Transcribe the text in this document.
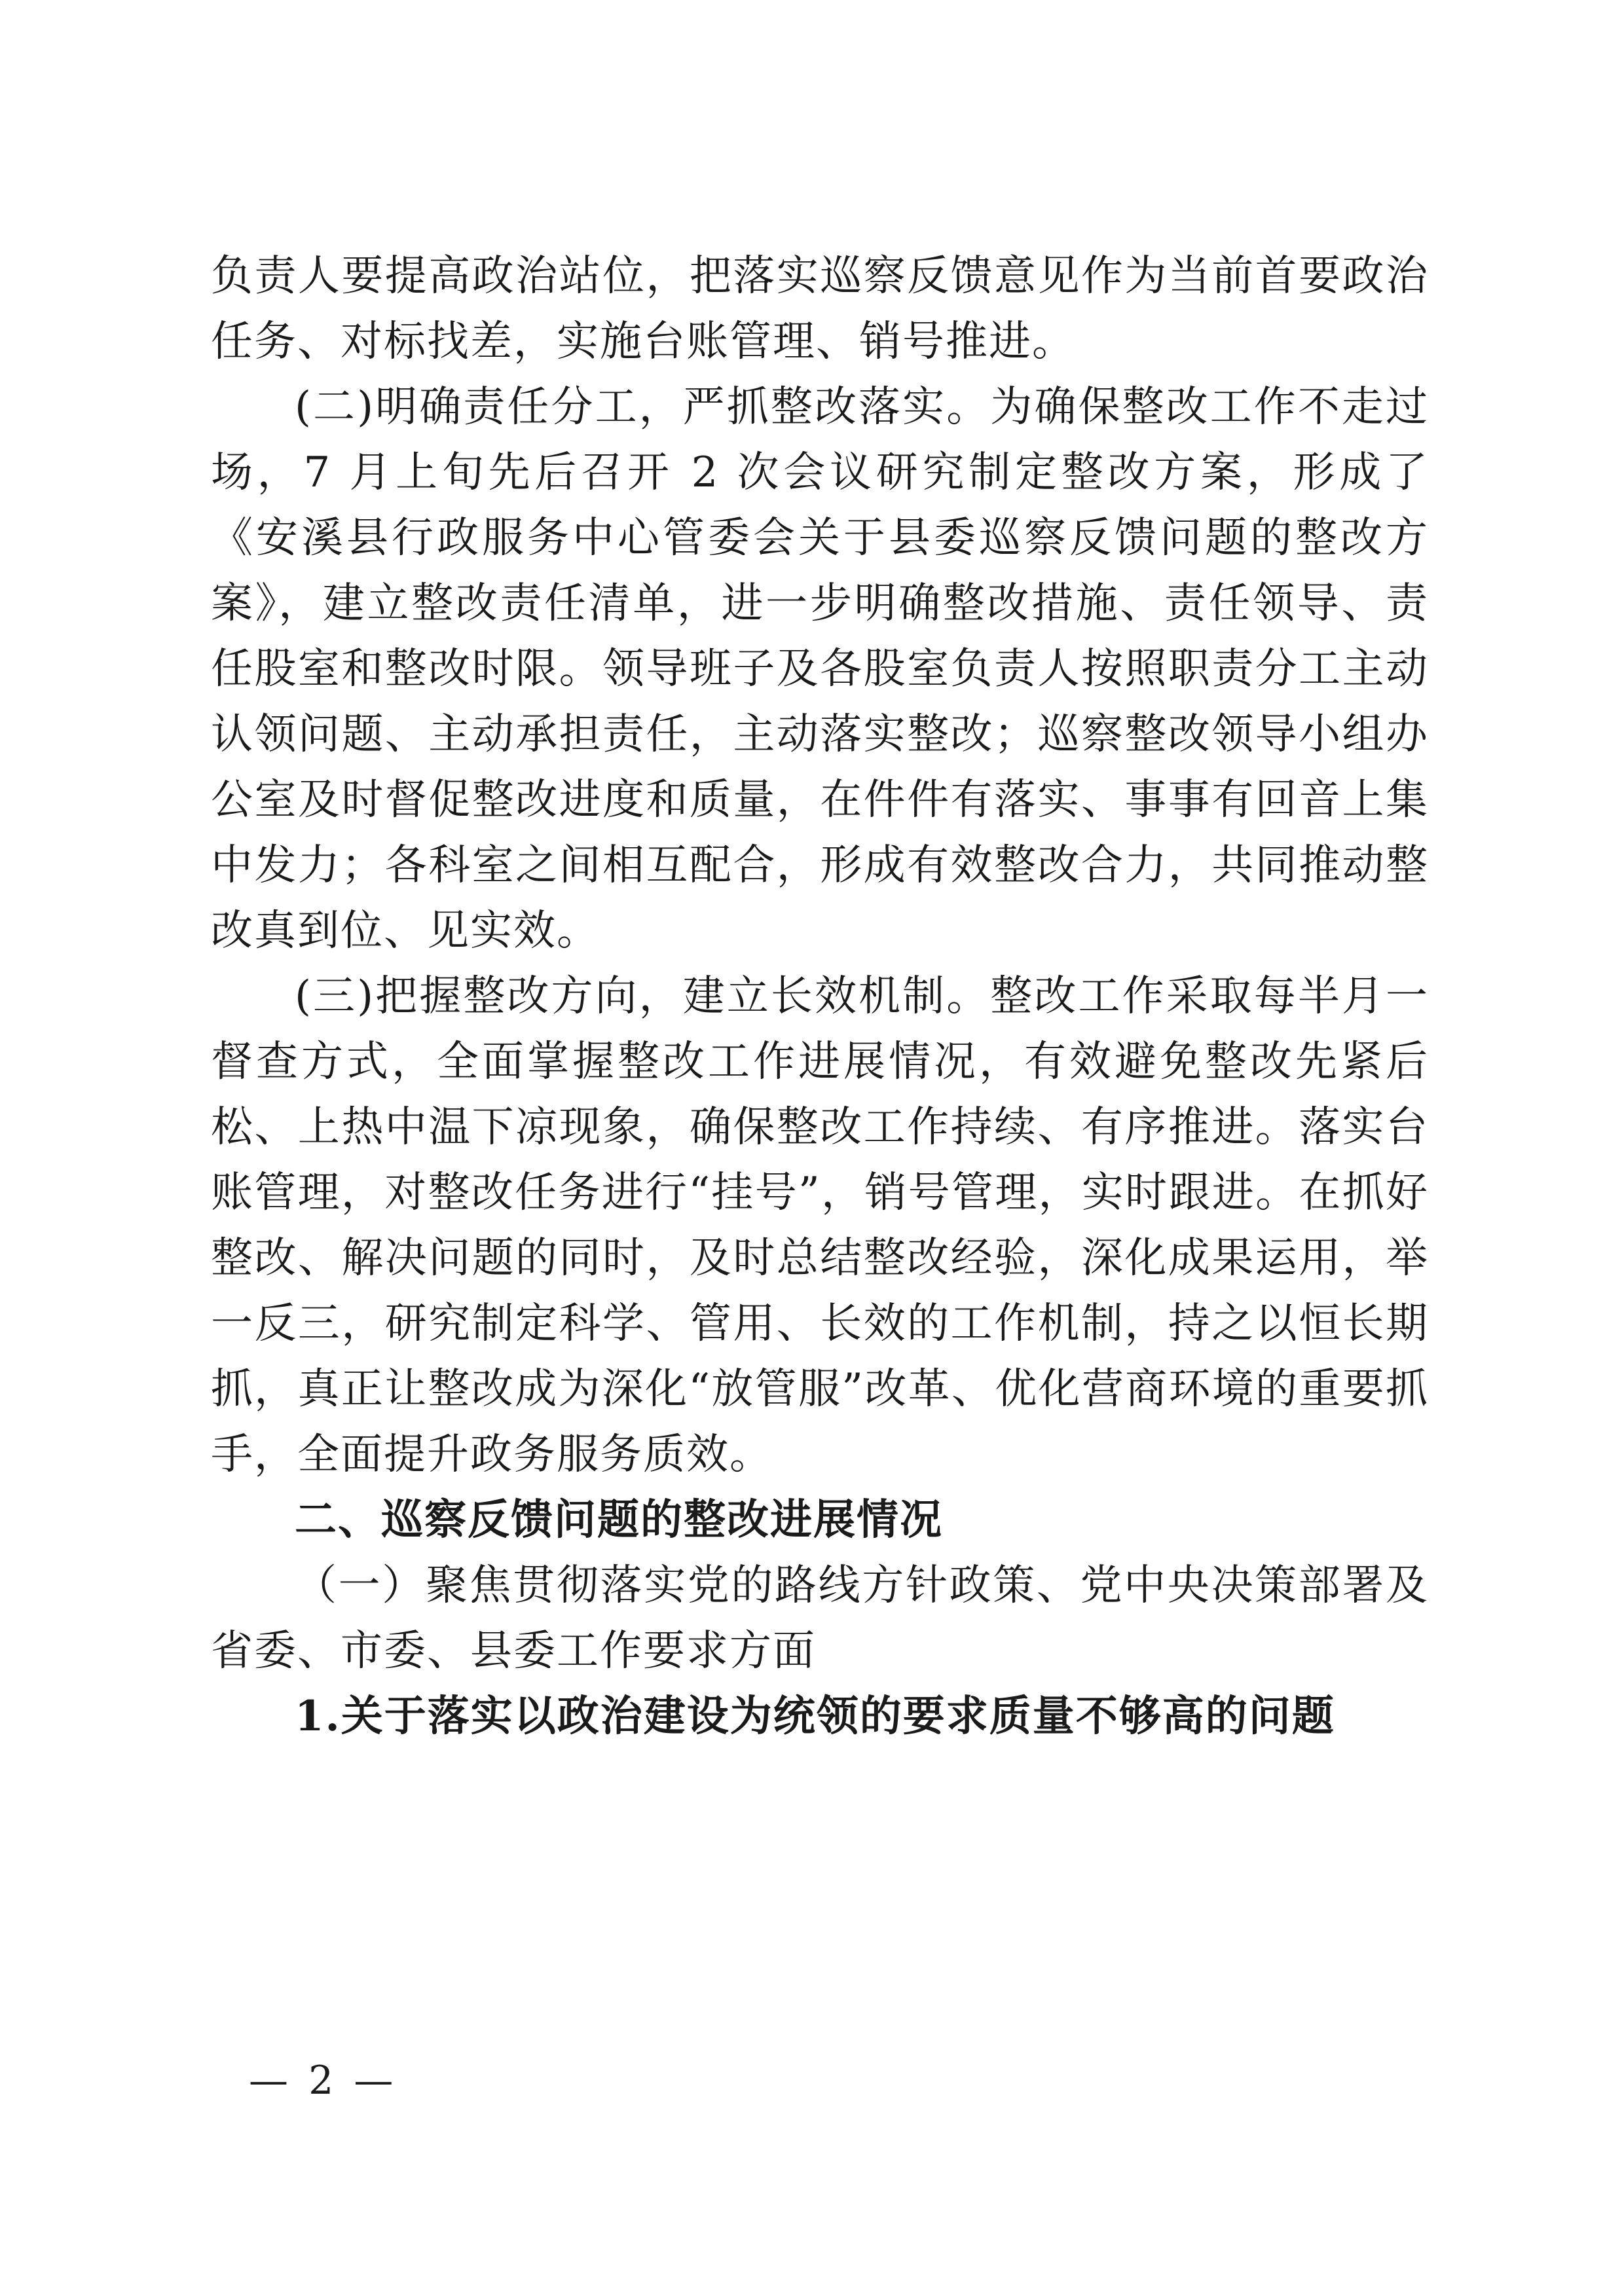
负责人要提高政治站位，把落实巡察反馈意见作为当前首要政治任务、对标找差，实施台账管理、销号推进。

(二)明确责任分工，严抓整改落实。为确保整改工作不走过场，7 月上旬先后召开 2 次会议研究制定整改方案，形成了《安溪县行政服务中心管委会关于县委巡察反馈问题的整改方案》，建立整改责任清单，进一步明确整改措施、责任领导、责任股室和整改时限。领导班子及各股室负责人按照职责分工主动认领问题、主动承担责任，主动落实整改；巡察整改领导小组办公室及时督促整改进度和质量，在件件有落实、事事有回音上集中发力；各科室之间相互配合，形成有效整改合力，共同推动整改真到位、见实效。

(三)把握整改方向，建立长效机制。整改工作采取每半月一督查方式，全面掌握整改工作进展情况，有效避免整改先紧后松、上热中温下凉现象，确保整改工作持续、有序推进。落实台账管理，对整改任务进行“挂号”，销号管理，实时跟进。在抓好整改、解决问题的同时，及时总结整改经验，深化成果运用，举一反三，研究制定科学、管用、长效的工作机制，持之以恒长期抓，真正让整改成为深化“放管服”改革、优化营商环境的重要抓手，全面提升政务服务质效。

二、巡察反馈问题的整改进展情况

（一）聚焦贯彻落实党的路线方针政策、党中央决策部署及省委、市委、县委工作要求方面

1.关于落实以政治建设为统领的要求质量不够高的问题

— 2 —
